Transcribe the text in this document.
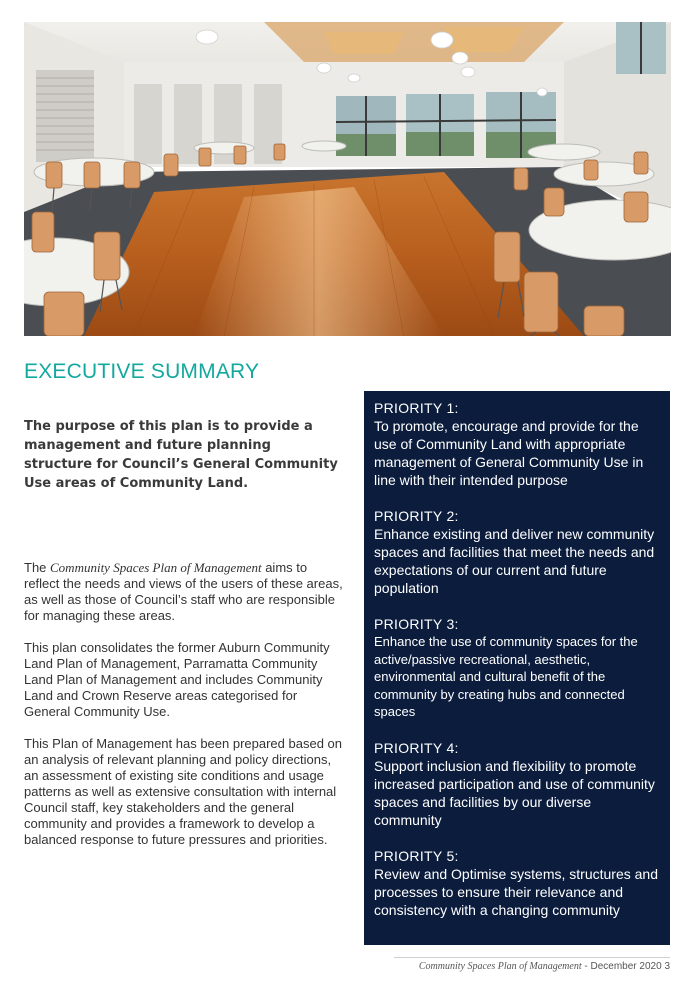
EXECUTIVE SUMMARY
The purpose of this plan is to provide a management and future planning structure for Council’s General Community Use areas of Community Land.
The Community Spaces Plan of Management aims to reflect the needs and views of the users of these areas, as well as those of Council’s staff who are responsible for managing these areas.
This plan consolidates the former Auburn Community Land Plan of Management, Parramatta Community Land Plan of Management and includes Community Land and Crown Reserve areas categorised for General Community Use.
This Plan of Management has been prepared based on an analysis of relevant planning and policy directions, an assessment of existing site conditions and usage patterns as well as extensive consultation with internal Council staff, key stakeholders and the general community and provides a framework to develop a balanced response to future pressures and priorities.
PRIORITY 1:
To promote, encourage and provide for the use of Community Land with appropriate management of General Community Use in line with their intended purpose
PRIORITY 2:
Enhance existing and deliver new community spaces and facilities that meet the needs and expectations of our current and future population
PRIORITY 3:
Enhance the use of community spaces for the active/passive recreational, aesthetic, environmental and cultural benefit of the community by creating hubs and connected spaces
PRIORITY 4:
Support inclusion and flexibility to promote increased participation and use of community spaces and facilities by our diverse community
PRIORITY 5:
Review and Optimise systems, structures and processes to ensure their relevance and consistency with a changing community
Community Spaces Plan of Management - December 2020 3
